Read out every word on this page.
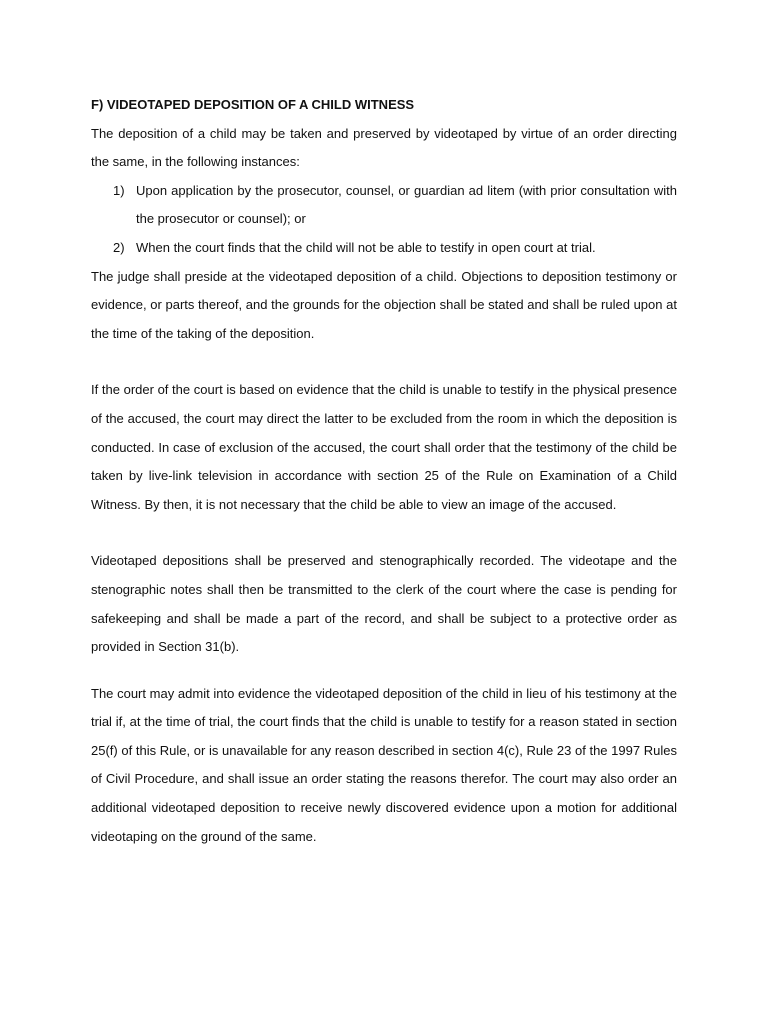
F) VIDEOTAPED DEPOSITION OF A CHILD WITNESS

The deposition of a child may be taken and preserved by videotaped by virtue of an order directing the same, in the following instances:

1) Upon application by the prosecutor, counsel, or guardian ad litem (with prior consultation with the prosecutor or counsel); or
2) When the court finds that the child will not be able to testify in open court at trial.

The judge shall preside at the videotaped deposition of a child. Objections to deposition testimony or evidence, or parts thereof, and the grounds for the objection shall be stated and shall be ruled upon at the time of the taking of the deposition.

If the order of the court is based on evidence that the child is unable to testify in the physical presence of the accused, the court may direct the latter to be excluded from the room in which the deposition is conducted. In case of exclusion of the accused, the court shall order that the testimony of the child be taken by live-link television in accordance with section 25 of the Rule on Examination of a Child Witness. By then, it is not necessary that the child be able to view an image of the accused.

Videotaped depositions shall be preserved and stenographically recorded. The videotape and the stenographic notes shall then be transmitted to the clerk of the court where the case is pending for safekeeping and shall be made a part of the record, and shall be subject to a protective order as provided in Section 31(b).

The court may admit into evidence the videotaped deposition of the child in lieu of his testimony at the trial if, at the time of trial, the court finds that the child is unable to testify for a reason stated in section 25(f) of this Rule, or is unavailable for any reason described in section 4(c), Rule 23 of the 1997 Rules of Civil Procedure, and shall issue an order stating the reasons therefor. The court may also order an additional videotaped deposition to receive newly discovered evidence upon a motion for additional videotaping on the ground of the same.
